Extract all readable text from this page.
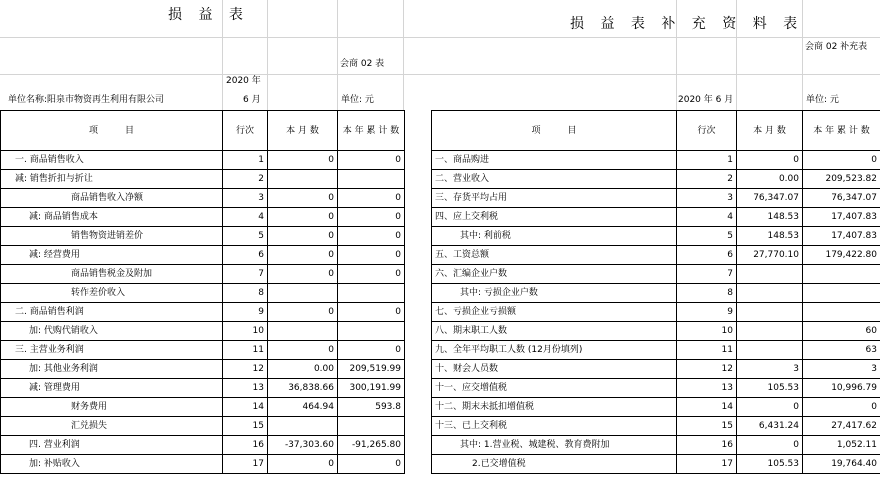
损 益 表
会商 02 表
单位名称:阳泉市物资再生利用有限公司
2020 年
6 月	单位: 元
损 益 表 补 充 资 料 表
会商 02 补充表
2020 年 6 月	单位: 元
项　　　目	行次	本 月 数	本 年 累 计 数
一. 商品销售收入	1	0	0
减: 销售折扣与折让	2		
商品销售收入净额	3	0	0
减: 商品销售成本	4	0	0
销售物资进销差价	5	0	0
减: 经营费用	6	0	0
商品销售税金及附加	7	0	0
转作差价收入	8		
二. 商品销售利润	9	0	0
加: 代购代销收入	10		
三. 主营业务利润	11	0	0
加: 其他业务利润	12	0.00	209,519.99
减: 管理费用	13	36,838.66	300,191.99
财务费用	14	464.94	593.8
汇兑损失	15		
四. 营业利润	16	-37,303.60	-91,265.80
加: 补贴收入	17	0	0
项　　　目	行次	本 月 数	本 年 累 计 数
一、商品购进	1	0	0
二、营业收入	2	0.00	209,523.82
三、存货平均占用	3	76,347.07	76,347.07
四、应上交利税	4	148.53	17,407.83
其中: 利前税	5	148.53	17,407.83
五、工资总额	6	27,770.10	179,422.80
六、汇编企业户数	7		
其中: 亏损企业户数	8		
七、亏损企业亏损额	9		
八、期末职工人数	10		60
九、全年平均职工人数 (12月份填列)	11		63
十、财会人员数	12	3	3
十一、应交增值税	13	105.53	10,996.79
十二、期末未抵扣增值税	14	0	0
十三、已上交利税	15	6,431.24	27,417.62
其中: 1.营业税、城建税、教育费附加	16	0	1,052.11
2.已交增值税	17	105.53	19,764.40
